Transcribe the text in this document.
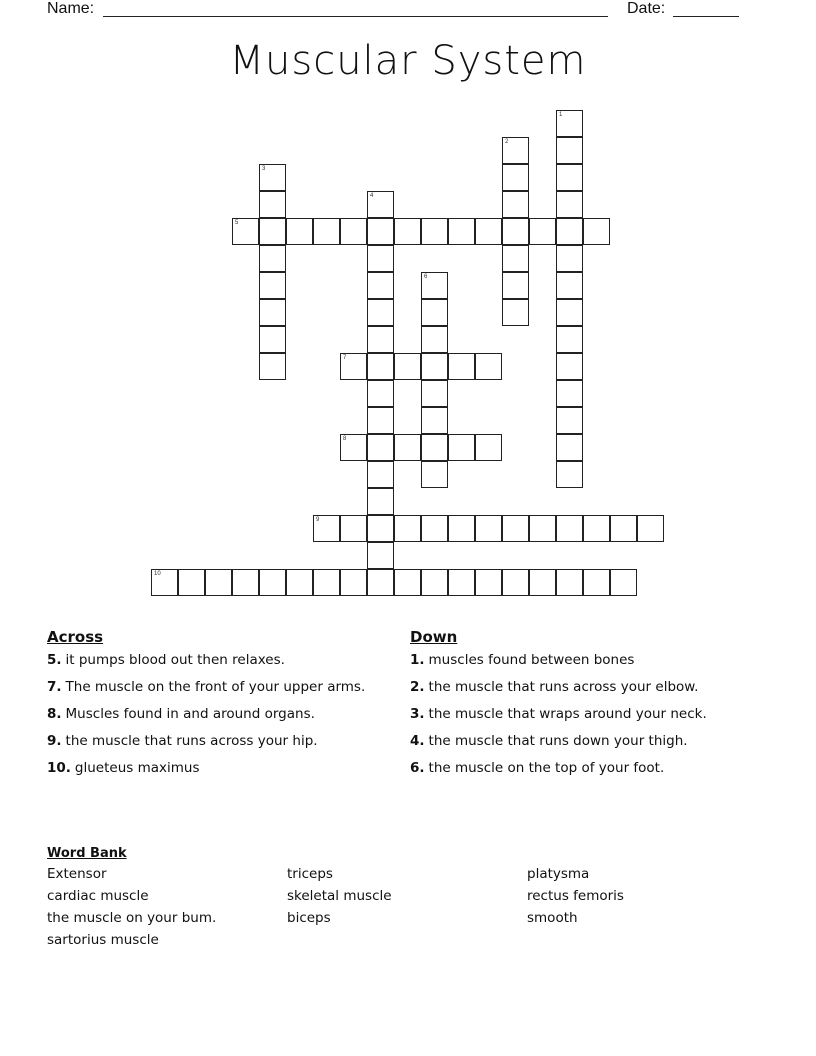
Name:	Date:
Muscular System
1
2
3
4
5
6
7
8
9
10
Across
5. it pumps blood out then relaxes.
7. The muscle on the front of your upper arms.
8. Muscles found in and around organs.
9. the muscle that runs across your hip.
10. glueteus maximus
Down
1. muscles found between bones
2. the muscle that runs across your elbow.
3. the muscle that wraps around your neck.
4. the muscle that runs down your thigh.
6. the muscle on the top of your foot.
Word Bank
Extensor	triceps	platysma
cardiac muscle	skeletal muscle	rectus femoris
the muscle on your bum.	biceps	smooth
sartorius muscle
